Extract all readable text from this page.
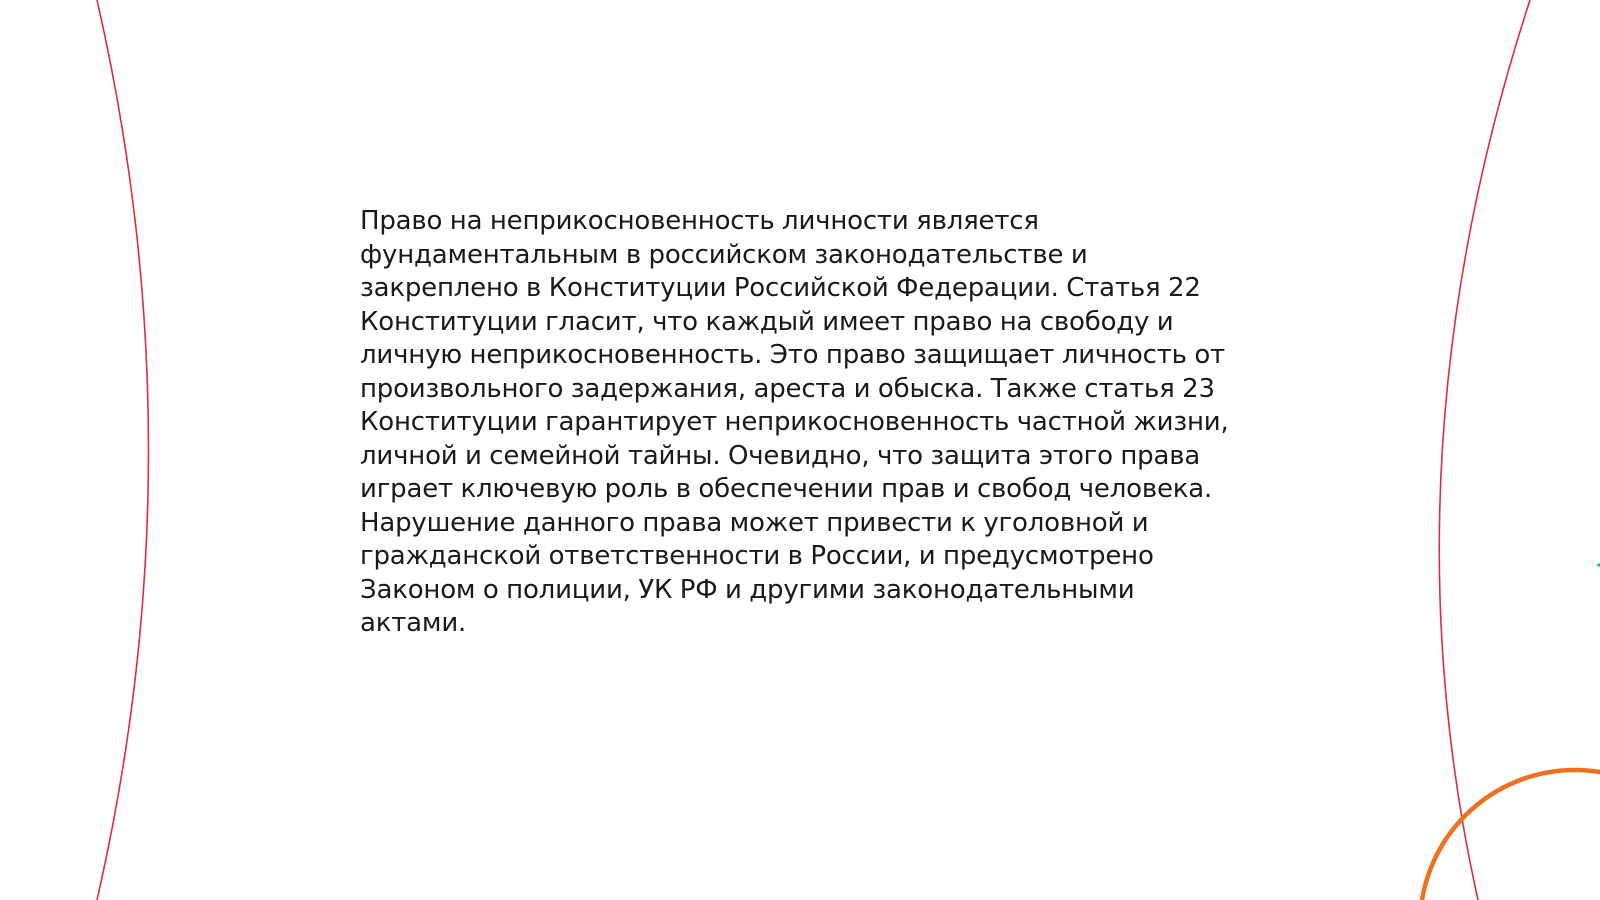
Право на неприкосновенность личности является
фундаментальным в российском законодательстве и
закреплено в Конституции Российской Федерации. Статья 22
Конституции гласит, что каждый имеет право на свободу и
личную неприкосновенность. Это право защищает личность от
произвольного задержания, ареста и обыска. Также статья 23
Конституции гарантирует неприкосновенность частной жизни,
личной и семейной тайны. Очевидно, что защита этого права
играет ключевую роль в обеспечении прав и свобод человека.
Нарушение данного права может привести к уголовной и
гражданской ответственности в России, и предусмотрено
Законом о полиции, УК РФ и другими законодательными
актами.
